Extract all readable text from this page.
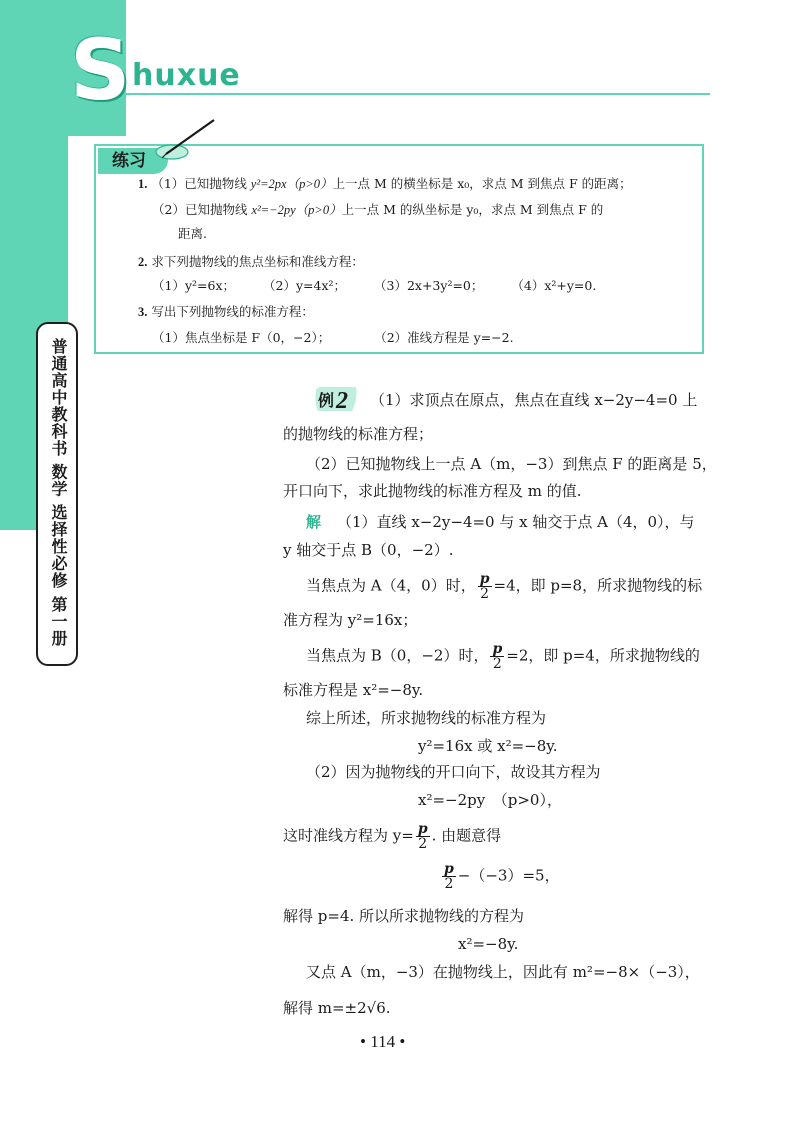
S huxue
普通高中教科书 数学 选择性必修 第一册
练习
1. （1）已知抛物线 y²=2px（p>0）上一点 M 的横坐标是 x₀，求点 M 到焦点 F 的距离；
（2）已知抛物线 x²=−2py（p>0）上一点 M 的纵坐标是 y₀，求点 M 到焦点 F 的
距离.
2. 求下列抛物线的焦点坐标和准线方程：
（1）y²=6x； （2）y=4x²； （3）2x+3y²=0； （4）x²+y=0.
3. 写出下列抛物线的标准方程：
（1）焦点坐标是 F（0，−2）；	（2）准线方程是 y=−2.
例 2 （1）求顶点在原点，焦点在直线 x−2y−4=0 上
的抛物线的标准方程；
（2）已知抛物线上一点 A（m，−3）到焦点 F 的距离是 5，
开口向下，求此抛物线的标准方程及 m 的值.
解 （1）直线 x−2y−4=0 与 x 轴交于点 A（4，0），与
y 轴交于点 B（0，−2）.
当焦点为 A（4，0）时， $\frac{p}{2} =4$，即 p=8，所求抛物线的标
准方程为 y²=16x；
当焦点为 B（0，−2）时， $\frac{p}{2} =2$，即 p=4，所求抛物线的
标准方程是 x²=−8y.
综上所述，所求抛物线的标准方程为
y²=16x 或 x²=−8y.
（2）因为抛物线的开口向下，故设其方程为
x²=−2py　（p>0），
这时准线方程为 $y= \frac{p}{2}$ . 由题意得
$\frac{p}{2} -(-3)=5$，
解得 p=4. 所以所求抛物线的方程为
x²=−8y.
又点 A（m，−3）在抛物线上，因此有 m²=−8×（−3），
解得 m=±2√6.
• 114 •
